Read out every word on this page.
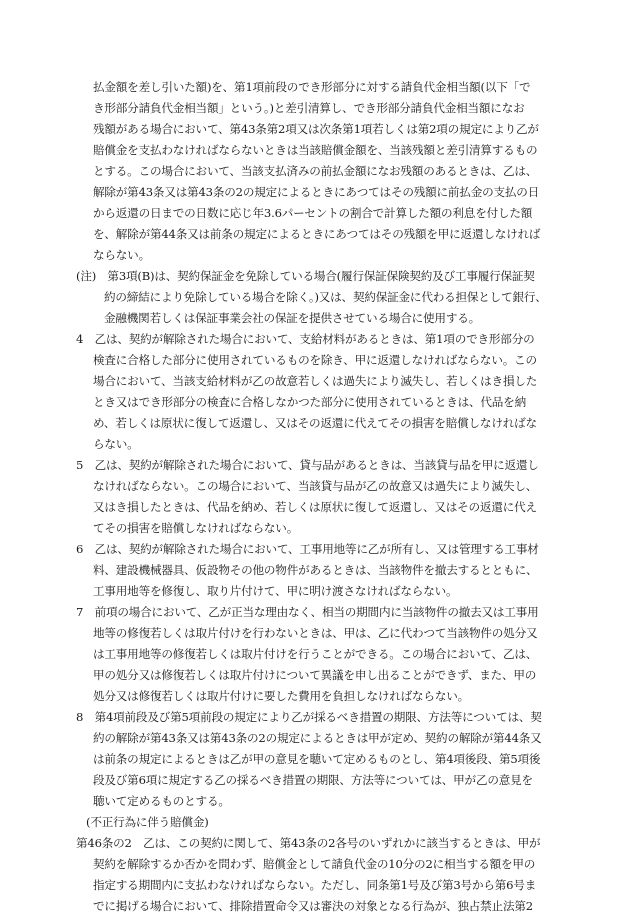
払金額を差し引いた額)を、第1項前段のでき形部分に対する請負代金相当額(以下「で
き形部分請負代金相当額」という。)と差引清算し、でき形部分請負代金相当額になお
残額がある場合において、第43条第2項又は次条第1項若しくは第2項の規定により乙が
賠償金を支払わなければならないときは当該賠償金額を、当該残額と差引清算するもの
とする。この場合において、当該支払済みの前払金額になお残額のあるときは、乙は、
解除が第43条又は第43条の2の規定によるときにあつてはその残額に前払金の支払の日
から返還の日までの日数に応じ年3.6パーセントの割合で計算した額の利息を付した額
を、解除が第44条又は前条の規定によるときにあつてはその残額を甲に返還しなければ
ならない。
(注)　第3項(B)は、契約保証金を免除している場合(履行保証保険契約及び工事履行保証契
約の締結により免除している場合を除く。)又は、契約保証金に代わる担保として銀行、
金融機関若しくは保証事業会社の保証を提供させている場合に使用する。
4　乙は、契約が解除された場合において、支給材料があるときは、第1項のでき形部分の
検査に合格した部分に使用されているものを除き、甲に返還しなければならない。この
場合において、当該支給材料が乙の故意若しくは過失により滅失し、若しくはき損した
とき又はでき形部分の検査に合格しなかつた部分に使用されているときは、代品を納
め、若しくは原状に復して返還し、又はその返還に代えてその損害を賠償しなければな
らない。
5　乙は、契約が解除された場合において、貸与品があるときは、当該貸与品を甲に返還し
なければならない。この場合において、当該貸与品が乙の故意又は過失により滅失し、
又はき損したときは、代品を納め、若しくは原状に復して返還し、又はその返還に代え
てその損害を賠償しなければならない。
6　乙は、契約が解除された場合において、工事用地等に乙が所有し、又は管理する工事材
料、建設機械器具、仮設物その他の物件があるときは、当該物件を撤去するとともに、
工事用地等を修復し、取り片付けて、甲に明け渡さなければならない。
7　前項の場合において、乙が正当な理由なく、相当の期間内に当該物件の撤去又は工事用
地等の修復若しくは取片付けを行わないときは、甲は、乙に代わつて当該物件の処分又
は工事用地等の修復若しくは取片付けを行うことができる。この場合において、乙は、
甲の処分又は修復若しくは取片付けについて異議を申し出ることができず、また、甲の
処分又は修復若しくは取片付けに要した費用を負担しなければならない。
8　第4項前段及び第5項前段の規定により乙が採るべき措置の期限、方法等については、契
約の解除が第43条又は第43条の2の規定によるときは甲が定め、契約の解除が第44条又
は前条の規定によるときは乙が甲の意見を聴いて定めるものとし、第4項後段、第5項後
段及び第6項に規定する乙の採るべき措置の期限、方法等については、甲が乙の意見を
聴いて定めるものとする。
(不正行為に伴う賠償金)
第46条の2　乙は、この契約に関して、第43条の2各号のいずれかに該当するときは、甲が
契約を解除するか否かを問わず、賠償金として請負代金の10分の2に相当する額を甲の
指定する期間内に支払わなければならない。ただし、同条第1号及び第3号から第6号ま
でに掲げる場合において、排除措置命令又は審決の対象となる行為が、独占禁止法第2
